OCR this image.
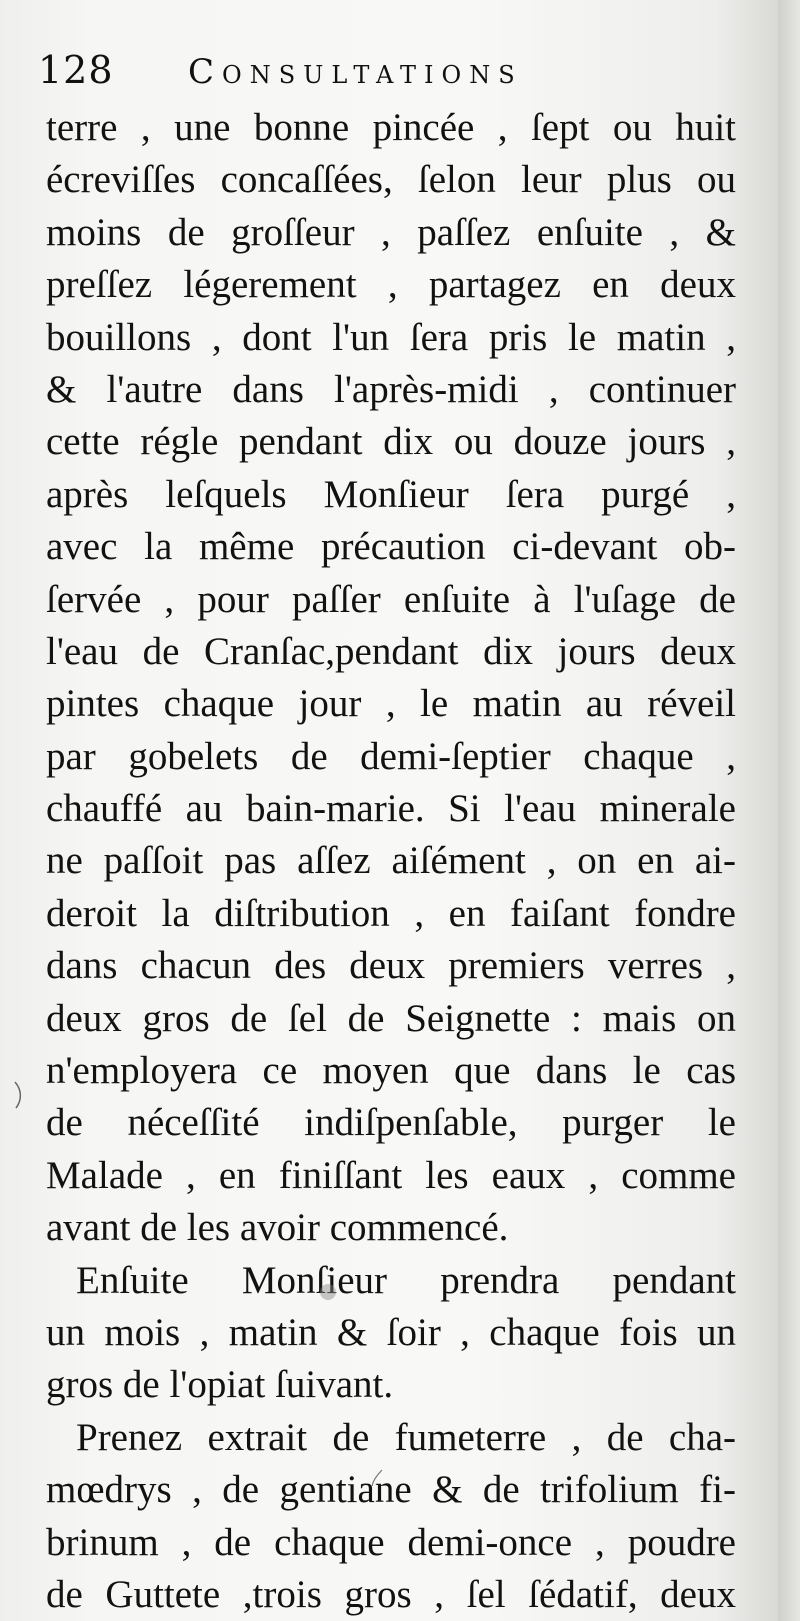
128 Consultations
terre , une bonne pincée , ſept ou huit
écreviſſes concaſſées, ſelon leur plus ou
moins de groſſeur , paſſez enſuite , &
preſſez légerement , partagez en deux
bouillons , dont l'un ſera pris le matin ,
& l'autre dans l'après-midi , continuer
cette régle pendant dix ou douze jours ,
après leſquels Monſieur ſera purgé ,
avec la même précaution ci-devant ob-
ſervée , pour paſſer enſuite à l'uſage de
l'eau de Cranſac,pendant dix jours deux
pintes chaque jour , le matin au réveil
par gobelets de demi-ſeptier chaque ,
chauffé au bain-marie. Si l'eau minerale
ne paſſoit pas aſſez aiſément , on en ai-
deroit la diſtribution , en faiſant fondre
dans chacun des deux premiers verres ,
deux gros de ſel de Seignette : mais on
n'employera ce moyen que dans le cas
de néceſſité indiſpenſable, purger le
Malade , en finiſſant les eaux , comme
avant de les avoir commencé.
Enſuite Monſieur prendra pendant
un mois , matin & ſoir , chaque fois un
gros de l'opiat ſuivant.
Prenez extrait de fumeterre , de cha-
mœdrys , de gentiane & de trifolium fi-
brinum , de chaque demi-once , poudre
de Guttete ,trois gros , ſel ſédatif, deux
